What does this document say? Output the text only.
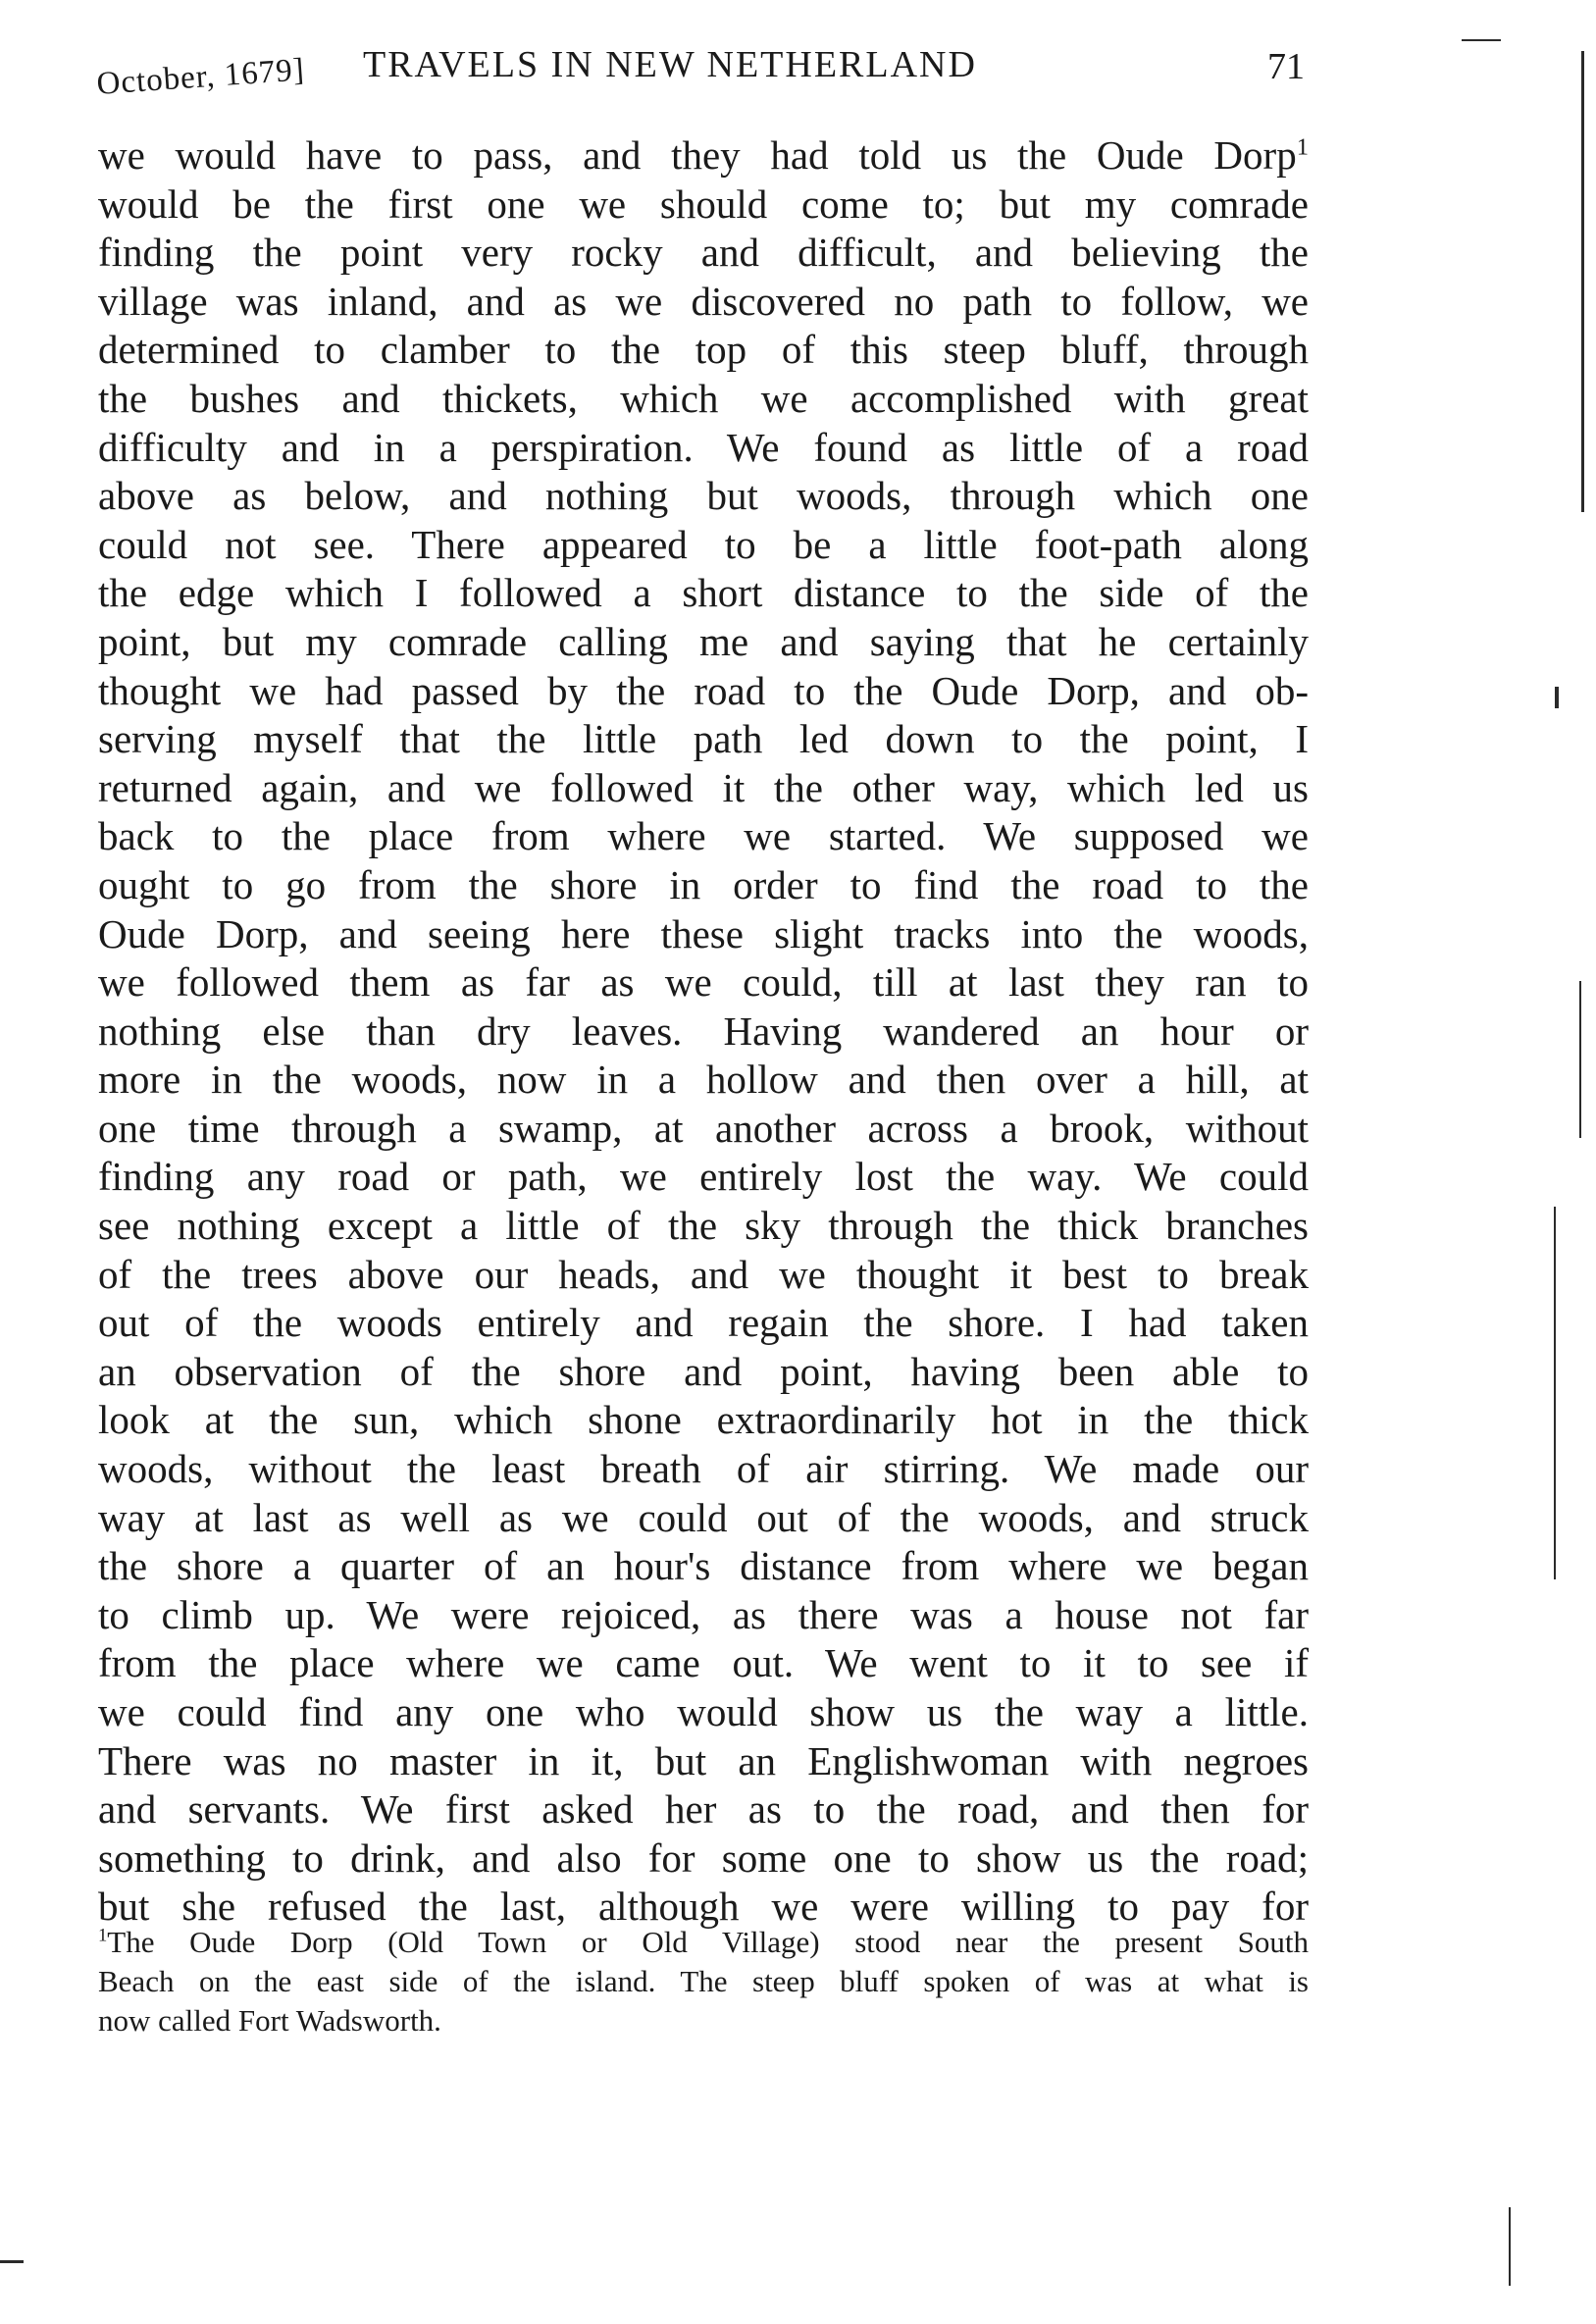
October, 1679] TRAVELS IN NEW NETHERLAND	71
we would have to pass, and they had told us the Oude Dorp$^1$
would be the first one we should come to; but my comrade
finding the point very rocky and difficult, and believing the
village was inland, and as we discovered no path to follow, we
determined to clamber to the top of this steep bluff, through
the bushes and thickets, which we accomplished with great
difficulty and in a perspiration. We found as little of a road
above as below, and nothing but woods, through which one
could not see. There appeared to be a little foot-path along
the edge which I followed a short distance to the side of the
point, but my comrade calling me and saying that he certainly
thought we had passed by the road to the Oude Dorp, and ob-
serving myself that the little path led down to the point, I
returned again, and we followed it the other way, which led us
back to the place from where we started. We supposed we
ought to go from the shore in order to find the road to the
Oude Dorp, and seeing here these slight tracks into the woods,
we followed them as far as we could, till at last they ran to
nothing else than dry leaves. Having wandered an hour or
more in the woods, now in a hollow and then over a hill, at
one time through a swamp, at another across a brook, without
finding any road or path, we entirely lost the way. We could
see nothing except a little of the sky through the thick branches
of the trees above our heads, and we thought it best to break
out of the woods entirely and regain the shore. I had taken
an observation of the shore and point, having been able to
look at the sun, which shone extraordinarily hot in the thick
woods, without the least breath of air stirring. We made our
way at last as well as we could out of the woods, and struck
the shore a quarter of an hour's distance from where we began
to climb up. We were rejoiced, as there was a house not far
from the place where we came out. We went to it to see if
we could find any one who would show us the way a little.
There was no master in it, but an Englishwoman with negroes
and servants. We first asked her as to the road, and then for
something to drink, and also for some one to show us the road;
but she refused the last, although we were willing to pay for
$^1$The Oude Dorp (Old Town or Old Village) stood near the present South
Beach on the east side of the island. The steep bluff spoken of was at what is
now called Fort Wadsworth.
